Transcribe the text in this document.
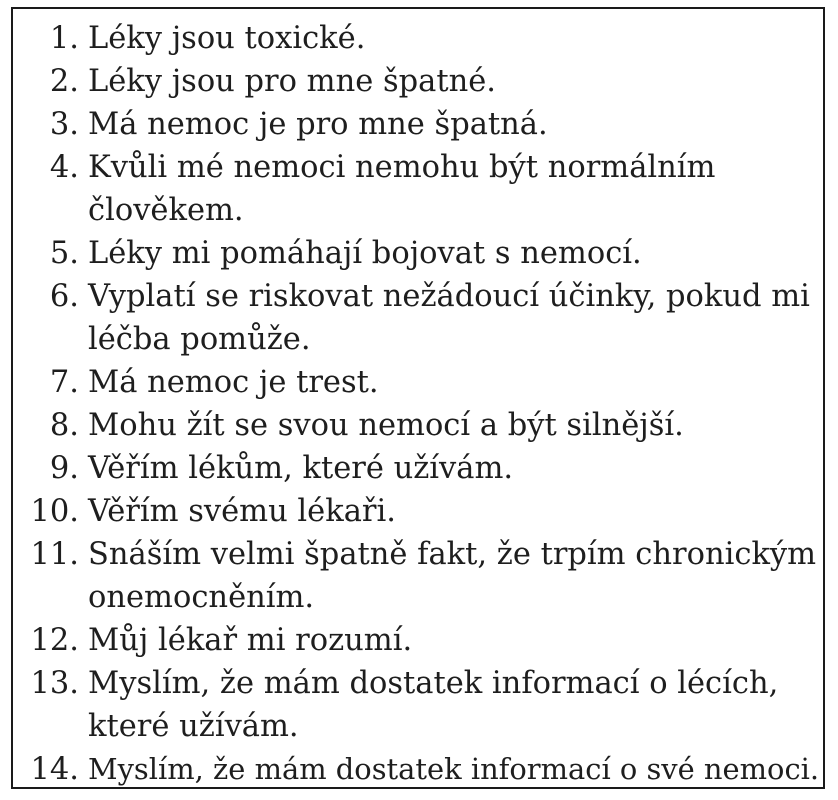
1. Léky jsou toxické.
2. Léky jsou pro mne špatné.
3. Má nemoc je pro mne špatná.
4. Kvůli mé nemoci nemohu být normálním
člověkem.
5. Léky mi pomáhají bojovat s nemocí.
6. Vyplatí se riskovat nežádoucí účinky, pokud mi
léčba pomůže.
7. Má nemoc je trest.
8. Mohu žít se svou nemocí a být silnější.
9. Věřím lékům, které užívám.
10. Věřím svému lékaři.
11. Snáším velmi špatně fakt, že trpím chronickým
onemocněním.
12. Můj lékař mi rozumí.
13. Myslím, že mám dostatek informací o lécích,
které užívám.
14. Myslím, že mám dostatek informací o své nemoci.
